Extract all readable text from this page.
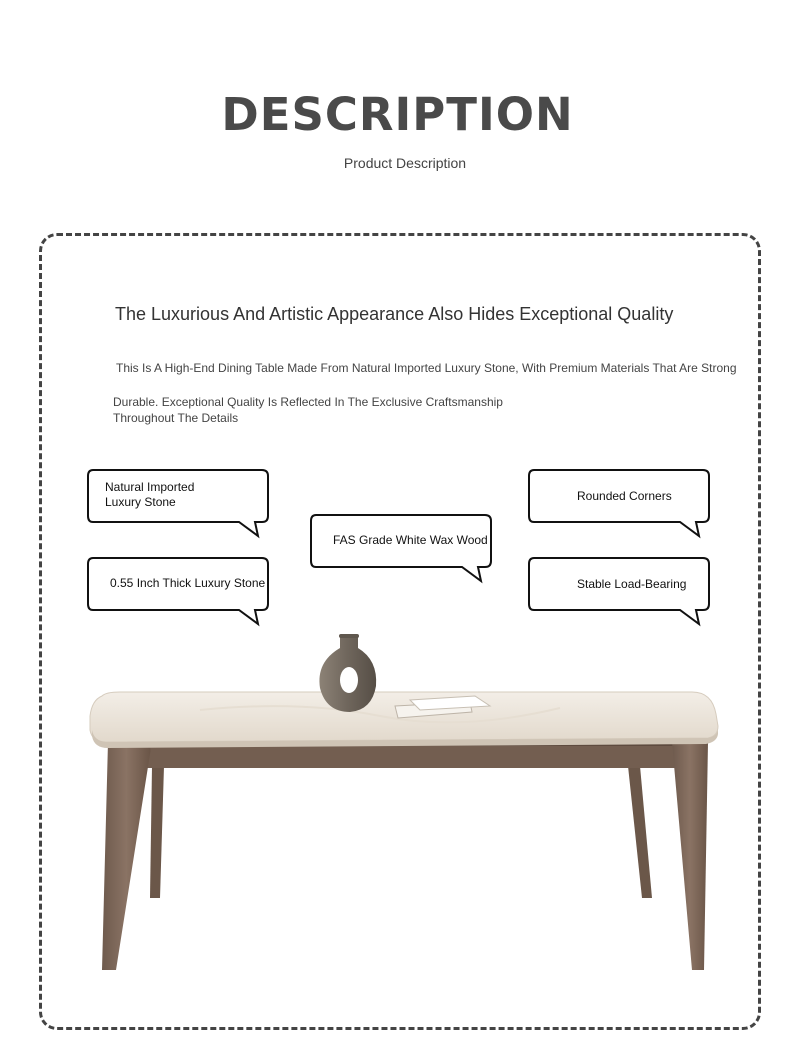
DESCRIPTION
Product Description
The Luxurious And Artistic Appearance Also Hides Exceptional Quality
This Is A High-End Dining Table Made From Natural Imported Luxury Stone, With Premium Materials That Are Strong
Durable. Exceptional Quality Is Reflected In The Exclusive Craftsmanship
Throughout The Details
Natural Imported
Luxury Stone
0.55 Inch Thick Luxury Stone
FAS Grade White Wax Wood
Rounded Corners
Stable Load-Bearing
